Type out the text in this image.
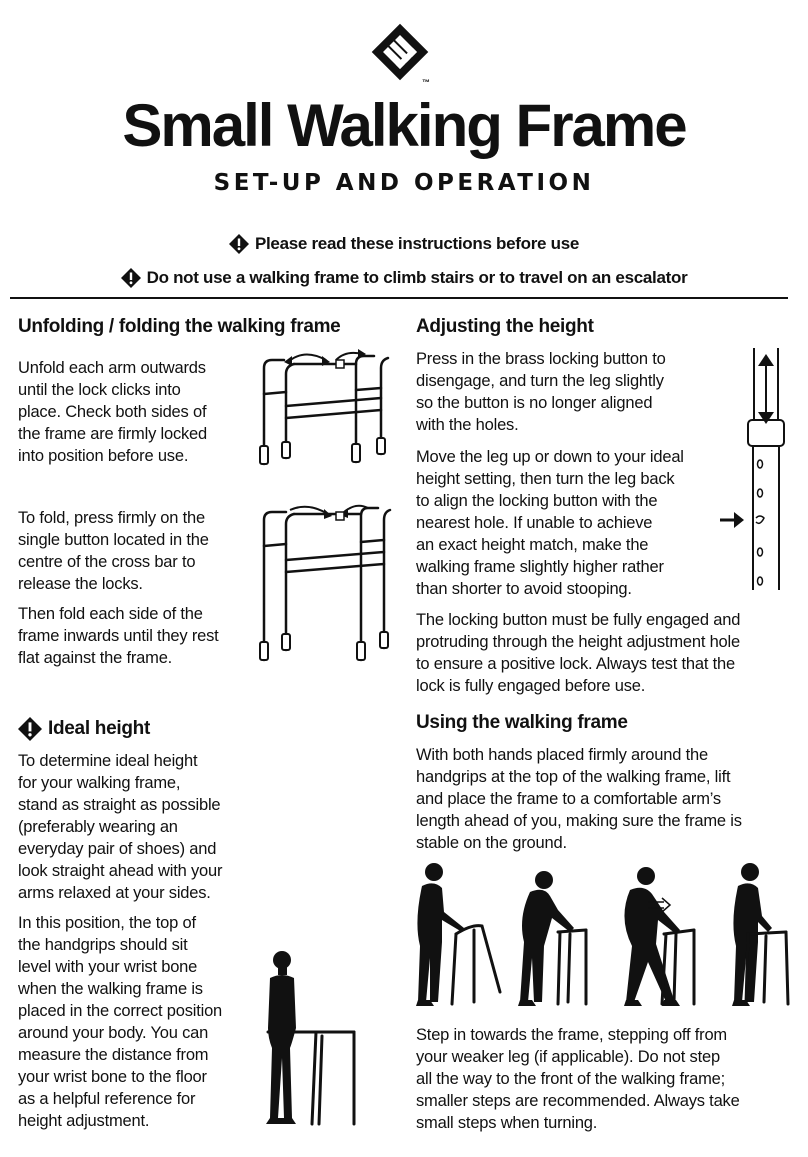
™
Small Walking Frame
SET-UP AND OPERATION
Please read these instructions before use
Do not use a walking frame to climb stairs or to travel on an escalator
Unfolding / folding the walking frame
Unfold each arm outwards
until the lock clicks into
place. Check both sides of
the frame are firmly locked
into position before use.
To fold, press firmly on the
single button located in the
centre of the cross bar to
release the locks.
Then fold each side of the
frame inwards until they rest
flat against the frame.
Ideal height
To determine ideal height
for your walking frame,
stand as straight as possible
(preferably wearing an
everyday pair of shoes) and
look straight ahead with your
arms relaxed at your sides.
In this position, the top of
the handgrips should sit
level with your wrist bone
when the walking frame is
placed in the correct position
around your body. You can
measure the distance from
your wrist bone to the floor
as a helpful reference for
height adjustment.
Adjusting the height
Press in the brass locking button to
disengage, and turn the leg slightly
so the button is no longer aligned
with the holes.
Move the leg up or down to your ideal
height setting, then turn the leg back
to align the locking button with the
nearest hole. If unable to achieve
an exact height match, make the
walking frame slightly higher rather
than shorter to avoid stooping.
The locking button must be fully engaged and
protruding through the height adjustment hole
to ensure a positive lock. Always test that the
lock is fully engaged before use.
Using the walking frame
With both hands placed firmly around the
handgrips at the top of the walking frame, lift
and place the frame to a comfortable arm’s
length ahead of you, making sure the frame is
stable on the ground.
Step in towards the frame, stepping off from
your weaker leg (if applicable). Do not step
all the way to the front of the walking frame;
smaller steps are recommended. Always take
small steps when turning.
